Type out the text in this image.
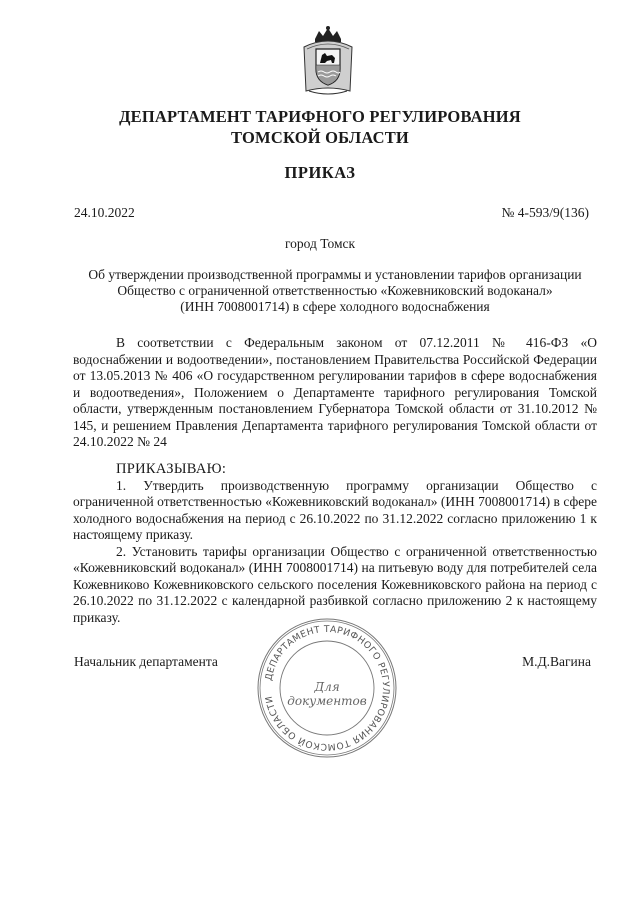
ДЕПАРТАМЕНТ ТАРИФНОГО РЕГУЛИРОВАНИЯ
ТОМСКОЙ ОБЛАСТИ
ПРИКАЗ
24.10.2022	№ 4-593/9(136)
город Томск
Об утверждении производственной программы и установлении тарифов организации
Общество с ограниченной ответственностью «Кожевниковский водоканал»
(ИНН 7008001714) в сфере холодного водоснабжения

В соответствии с Федеральным законом от 07.12.2011 № 416-ФЗ «О водоснабжении и водоотведении», постановлением Правительства Российской Федерации от 13.05.2013 № 406 «О государственном регулировании тарифов в сфере водоснабжения и водоотведения», Положением о Департаменте тарифного регулирования Томской области, утвержденным постановлением Губернатора Томской области от 31.10.2012 № 145, и решением Правления Департамента тарифного регулирования Томской области от 24.10.2022 № 24

ПРИКАЗЫВАЮ:

1. Утвердить производственную программу организации Общество с ограниченной ответственностью «Кожевниковский водоканал» (ИНН 7008001714) в сфере холодного водоснабжения на период с 26.10.2022 по 31.12.2022 согласно приложению 1 к настоящему приказу.

2. Установить тарифы организации Общество с ограниченной ответственностью «Кожевниковский водоканал» (ИНН 7008001714) на питьевую воду для потребителей села Кожевниково Кожевниковского сельского поселения Кожевниковского района на период с 26.10.2022 по 31.12.2022 с календарной разбивкой согласно приложению 2 к настоящему приказу.

Начальник департамента	М.Д.Вагина
ДЕПАРТАМЕНТ ТАРИФНОГО РЕГУЛИРОВАНИЯ ТОМСКОЙ ОБЛАСТИ
Для
документов
